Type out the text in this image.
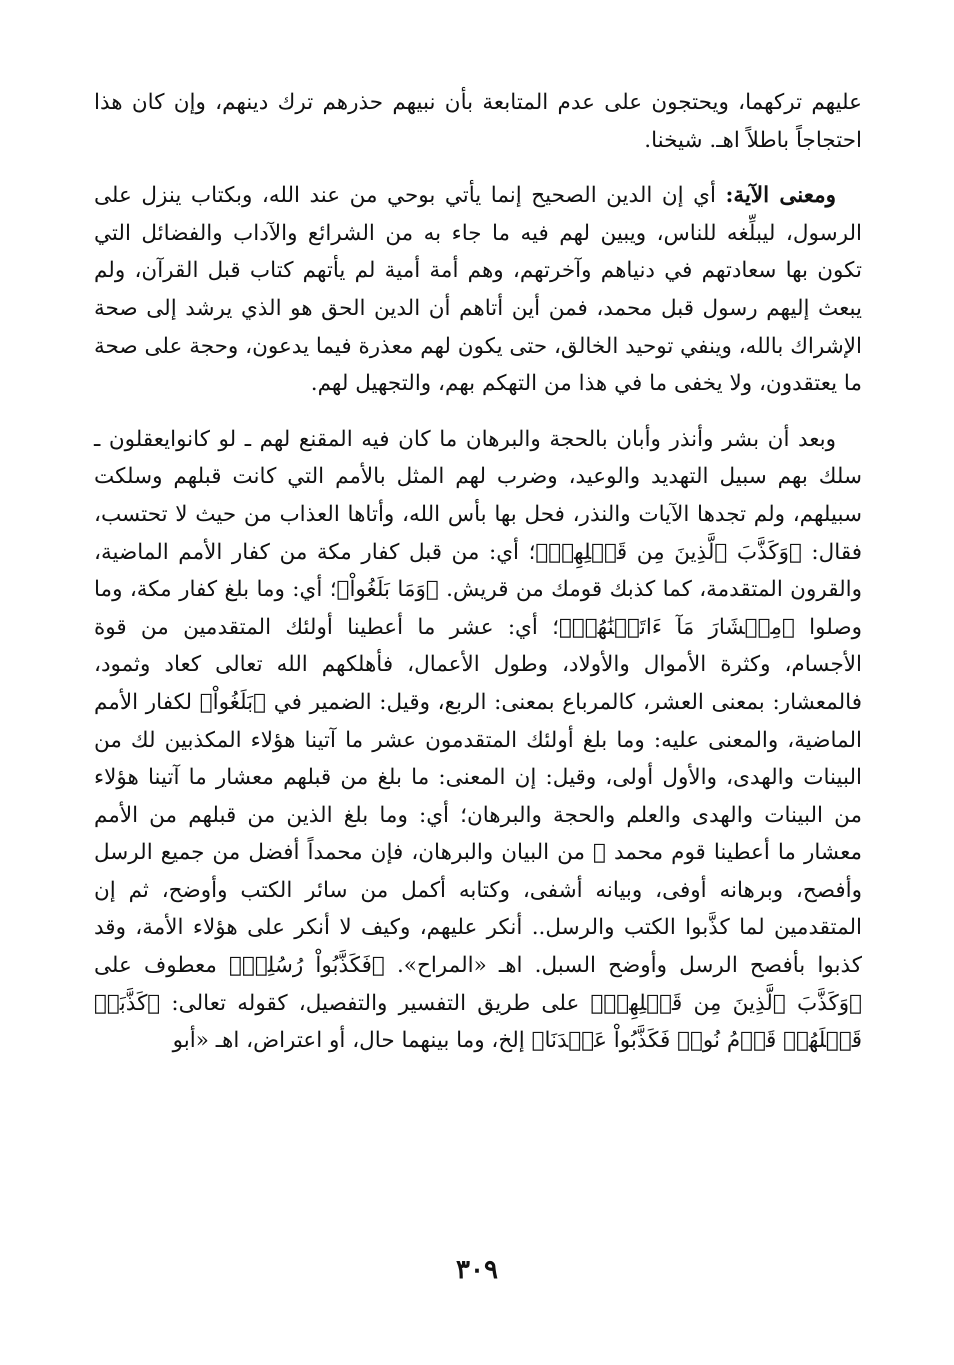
عليهم تركهما، ويحتجون على عدم المتابعة بأن نبيهم حذرهم ترك دينهم، وإن كان هذا احتجاجاً باطلاً اهـ. شيخنا.

ومعنى الآية: أي إن الدين الصحيح إنما يأتي بوحي من عند الله، وبكتاب ينزل على الرسول، ليبلِّغه للناس، ويبين لهم فيه ما جاء به من الشرائع والآداب والفضائل التي تكون بها سعادتهم في دنياهم وآخرتهم، وهم أمة أمية لم يأتهم كتاب قبل القرآن، ولم يبعث إليهم رسول قبل محمد، فمن أين أتاهم أن الدين الحق هو الذي يرشد إلى صحة الإشراك بالله، وينفي توحيد الخالق، حتى يكون لهم معذرة فيما يدعون، وحجة على صحة ما يعتقدون، ولا يخفى ما في هذا من التهكم بهم، والتجهيل لهم.

وبعد أن بشر وأنذر وأبان بالحجة والبرهان ما كان فيه المقنع لهم ـ لو كانوايعقلون ـ سلك بهم سبيل التهديد والوعيد، وضرب لهم المثل بالأمم التي كانت قبلهم وسلكت سبيلهم، ولم تجدها الآيات والنذر، فحل بها بأس الله، وأتاها العذاب من حيث لا تحتسب، فقال: ﴿وَكَذَّبَ ٱلَّذِينَ مِن قَبۡلِهِمۡ﴾؛ أي: من قبل كفار مكة من كفار الأمم الماضية، والقرون المتقدمة، كما كذبك قومك من قريش. ﴿وَمَا بَلَغُواْ﴾؛ أي: وما بلغ كفار مكة، وما وصلوا ﴿مِعۡشَارَ مَآ ءَاتَيۡنَٰهُمۡ﴾؛ أي: عشر ما أعطينا أولئك المتقدمين من قوة الأجسام، وكثرة الأموال والأولاد، وطول الأعمال، فأهلكهم الله تعالى كعاد وثمود، فالمعشار: بمعنى العشر، كالمرباع بمعنى: الربع، وقيل: الضمير في ﴿بَلَغُواْ﴾ لكفار الأمم الماضية، والمعنى عليه: وما بلغ أولئك المتقدمون عشر ما آتينا هؤلاء المكذبين لك من البينات والهدى، والأول أولى، وقيل: إن المعنى: ما بلغ من قبلهم معشار ما آتينا هؤلاء من البينات والهدى والعلم والحجة والبرهان؛ أي: وما بلغ الذين من قبلهم من الأمم معشار ما أعطينا قوم محمد ﷺ من البيان والبرهان، فإن محمداً أفضل من جميع الرسل وأفصح، وبرهانه أوفى، وبيانه أشفى، وكتابه أكمل من سائر الكتب وأوضح، ثم إن المتقدمين لما كذَّبوا الكتب والرسل.. أنكر عليهم، وكيف لا أنكر على هؤلاء الأمة، وقد كذبوا بأفصح الرسل وأوضح السبل. اهـ «المراح». ﴿فَكَذَّبُواْ رُسُلِيۖ﴾ معطوف على ﴿وَكَذَّبَ ٱلَّذِينَ مِن قَبۡلِهِمۡ﴾ على طريق التفسير والتفصيل، كقوله تعالى: ﴿كَذَّبَتۡ قَبۡلَهُمۡ قَوۡمُ نُوحٖ فَكَذَّبُواْ عَبۡدَنَا﴾ إلخ، وما بينهما حال، أو اعتراض، اهـ «أبو

٣٠٩
